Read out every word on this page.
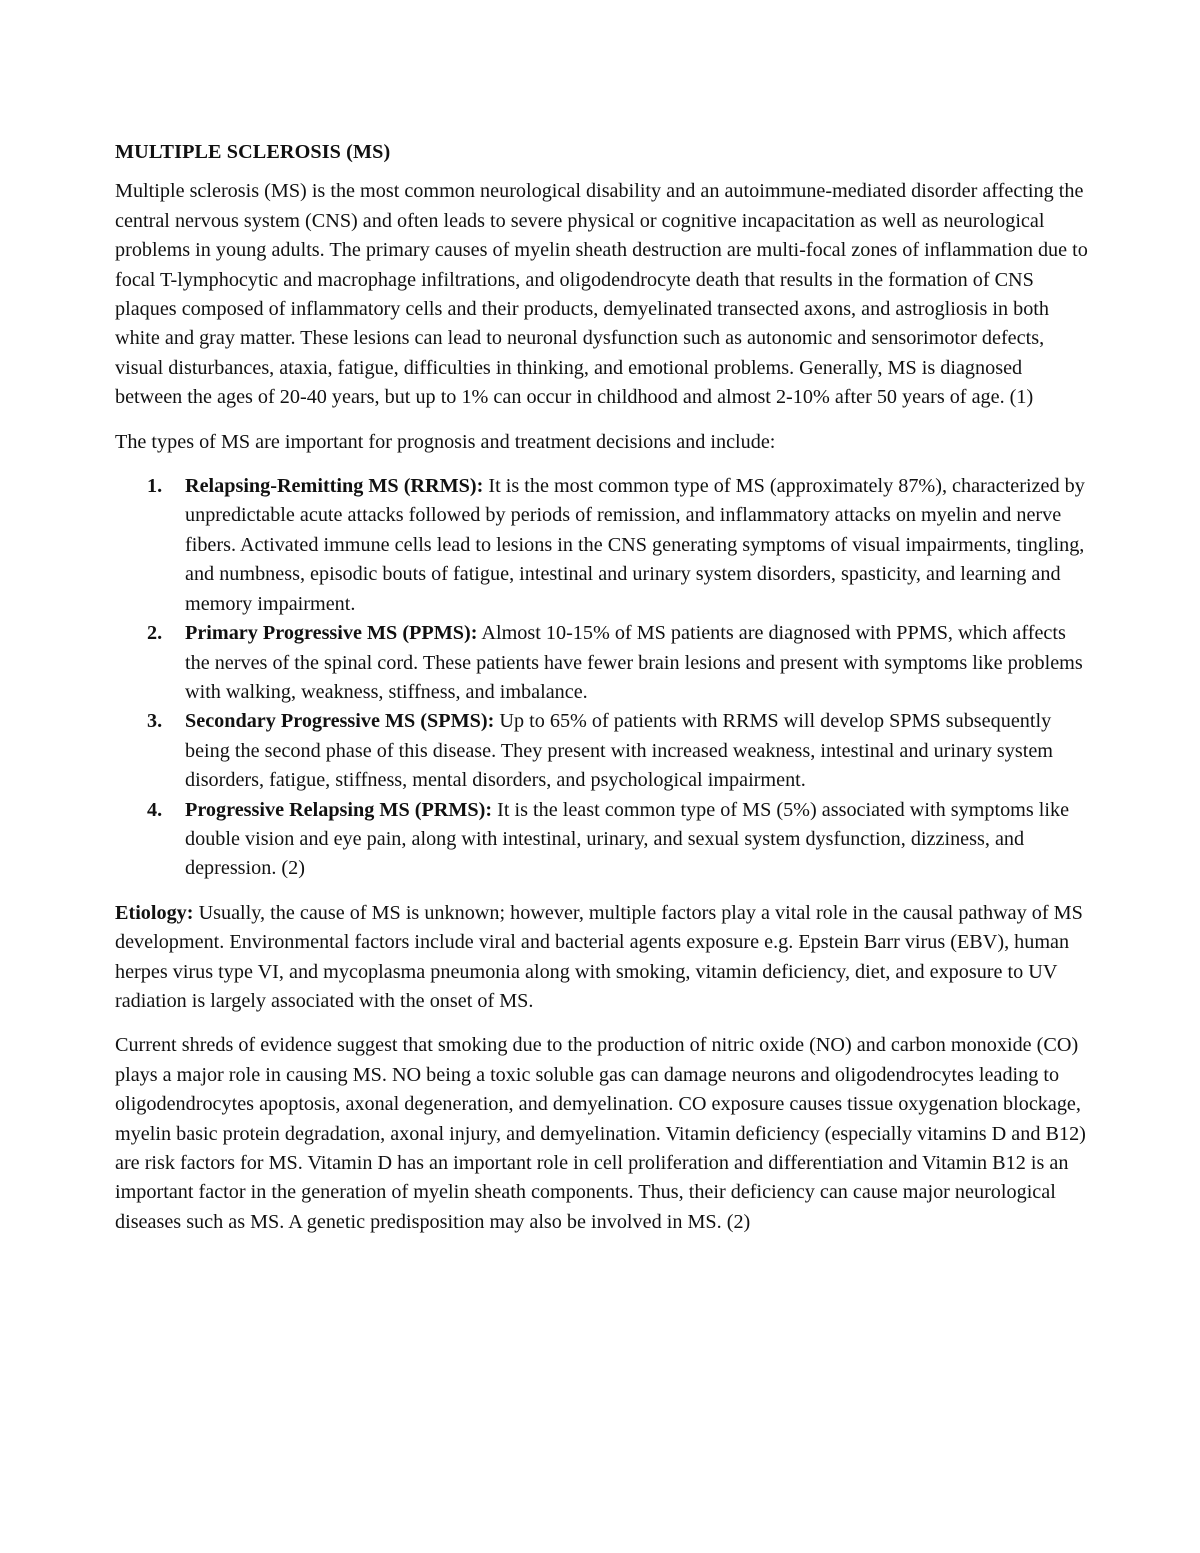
MULTIPLE SCLEROSIS (MS)

Multiple sclerosis (MS) is the most common neurological disability and an autoimmune-mediated disorder affecting the central nervous system (CNS) and often leads to severe physical or cognitive incapacitation as well as neurological problems in young adults. The primary causes of myelin sheath destruction are multi-focal zones of inflammation due to focal T-lymphocytic and macrophage infiltrations, and oligodendrocyte death that results in the formation of CNS plaques composed of inflammatory cells and their products, demyelinated transected axons, and astrogliosis in both white and gray matter. These lesions can lead to neuronal dysfunction such as autonomic and sensorimotor defects, visual disturbances, ataxia, fatigue, difficulties in thinking, and emotional problems. Generally, MS is diagnosed between the ages of 20-40 years, but up to 1% can occur in childhood and almost 2-10% after 50 years of age. (1)

The types of MS are important for prognosis and treatment decisions and include:

1. Relapsing-Remitting MS (RRMS): It is the most common type of MS (approximately 87%), characterized by unpredictable acute attacks followed by periods of remission, and inflammatory attacks on myelin and nerve fibers. Activated immune cells lead to lesions in the CNS generating symptoms of visual impairments, tingling, and numbness, episodic bouts of fatigue, intestinal and urinary system disorders, spasticity, and learning and memory impairment.
2. Primary Progressive MS (PPMS): Almost 10-15% of MS patients are diagnosed with PPMS, which affects the nerves of the spinal cord. These patients have fewer brain lesions and present with symptoms like problems with walking, weakness, stiffness, and imbalance.
3. Secondary Progressive MS (SPMS): Up to 65% of patients with RRMS will develop SPMS subsequently being the second phase of this disease. They present with increased weakness, intestinal and urinary system disorders, fatigue, stiffness, mental disorders, and psychological impairment.
4. Progressive Relapsing MS (PRMS): It is the least common type of MS (5%) associated with symptoms like double vision and eye pain, along with intestinal, urinary, and sexual system dysfunction, dizziness, and depression. (2)

Etiology: Usually, the cause of MS is unknown; however, multiple factors play a vital role in the causal pathway of MS development. Environmental factors include viral and bacterial agents exposure e.g. Epstein Barr virus (EBV), human herpes virus type VI, and mycoplasma pneumonia along with smoking, vitamin deficiency, diet, and exposure to UV radiation is largely associated with the onset of MS.

Current shreds of evidence suggest that smoking due to the production of nitric oxide (NO) and carbon monoxide (CO) plays a major role in causing MS. NO being a toxic soluble gas can damage neurons and oligodendrocytes leading to oligodendrocytes apoptosis, axonal degeneration, and demyelination. CO exposure causes tissue oxygenation blockage, myelin basic protein degradation, axonal injury, and demyelination. Vitamin deficiency (especially vitamins D and B12) are risk factors for MS. Vitamin D has an important role in cell proliferation and differentiation and Vitamin B12 is an important factor in the generation of myelin sheath components. Thus, their deficiency can cause major neurological diseases such as MS. A genetic predisposition may also be involved in MS. (2)
